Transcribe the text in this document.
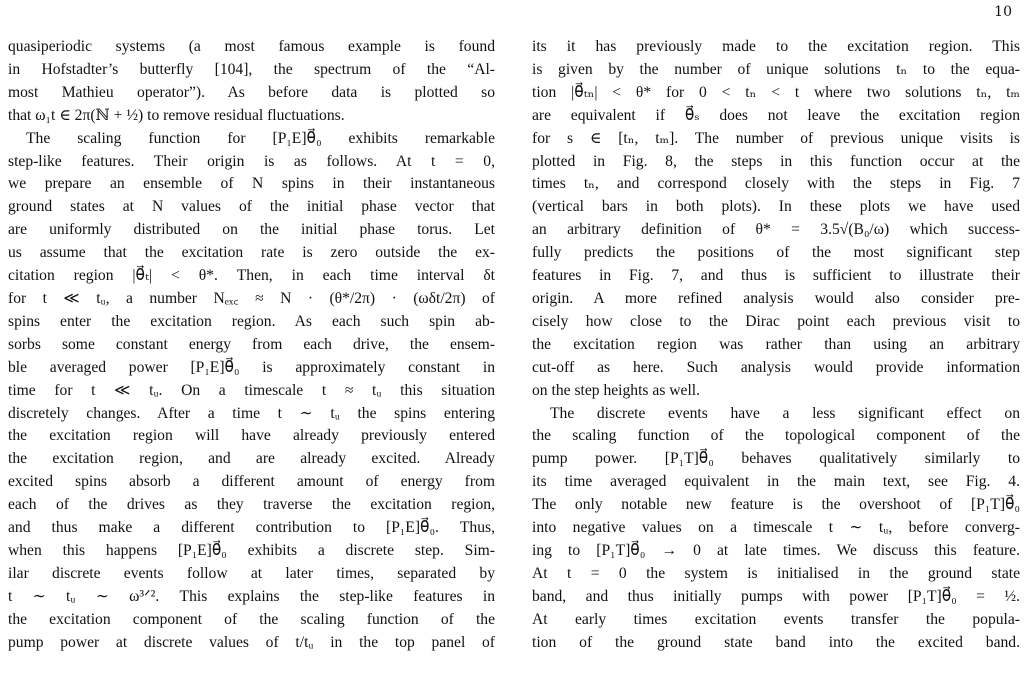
10
quasiperiodic systems (a most famous example is found
in Hofstadter’s butterfly [104], the spectrum of the “Al-
most Mathieu operator”). As before data is plotted so
that ω₁t ∈ 2π(ℕ + ½) to remove residual fluctuations.
The scaling function for [P₁E]θ⃗₀ exhibits remarkable
step-like features. Their origin is as follows. At t = 0,
we prepare an ensemble of N spins in their instantaneous
ground states at N values of the initial phase vector that
are uniformly distributed on the initial phase torus. Let
us assume that the excitation rate is zero outside the ex-
citation region |θ⃗ₜ| < θ*. Then, in each time interval δt
for t ≪ tᵤ, a number Nₑₓ꜀ ≈ N · (θ*/2π) · (ωδt/2π) of
spins enter the excitation region. As each such spin ab-
sorbs some constant energy from each drive, the ensem-
ble averaged power [P₁E]θ⃗₀ is approximately constant in
time for t ≪ tᵤ. On a timescale t ≈ tᵤ this situation
discretely changes. After a time t ∼ tᵤ the spins entering
the excitation region will have already previously entered
the excitation region, and are already excited. Already
excited spins absorb a different amount of energy from
each of the drives as they traverse the excitation region,
and thus make a different contribution to [P₁E]θ⃗₀. Thus,
when this happens [P₁E]θ⃗₀ exhibits a discrete step. Sim-
ilar discrete events follow at later times, separated by
t ∼ tᵤ ∼ ω³ᐟ². This explains the step-like features in
the excitation component of the scaling function of the
pump power at discrete values of t/tᵤ in the top panel of
its it has previously made to the excitation region. This
is given by the number of unique solutions tₙ to the equa-
tion |θ⃗ₜₙ| < θ* for 0 < tₙ < t where two solutions tₙ, tₘ
are equivalent if θ⃗ₛ does not leave the excitation region
for s ∈ [tₙ, tₘ]. The number of previous unique visits is
plotted in Fig. 8, the steps in this function occur at the
times tₙ, and correspond closely with the steps in Fig. 7
(vertical bars in both plots). In these plots we have used
an arbitrary definition of θ* = 3.5√(B₀/ω) which success-
fully predicts the positions of the most significant step
features in Fig. 7, and thus is sufficient to illustrate their
origin. A more refined analysis would also consider pre-
cisely how close to the Dirac point each previous visit to
the excitation region was rather than using an arbitrary
cut-off as here. Such analysis would provide information
on the step heights as well.
The discrete events have a less significant effect on
the scaling function of the topological component of the
pump power. [P₁T]θ⃗₀ behaves qualitatively similarly to
its time averaged equivalent in the main text, see Fig. 4.
The only notable new feature is the overshoot of [P₁T]θ⃗₀
into negative values on a timescale t ∼ tᵤ, before converg-
ing to [P₁T]θ⃗₀ → 0 at late times. We discuss this feature.
At t = 0 the system is initialised in the ground state
band, and thus initially pumps with power [P₁T]θ⃗₀ = ½.
At early times excitation events transfer the popula-
tion of the ground state band into the excited band.
